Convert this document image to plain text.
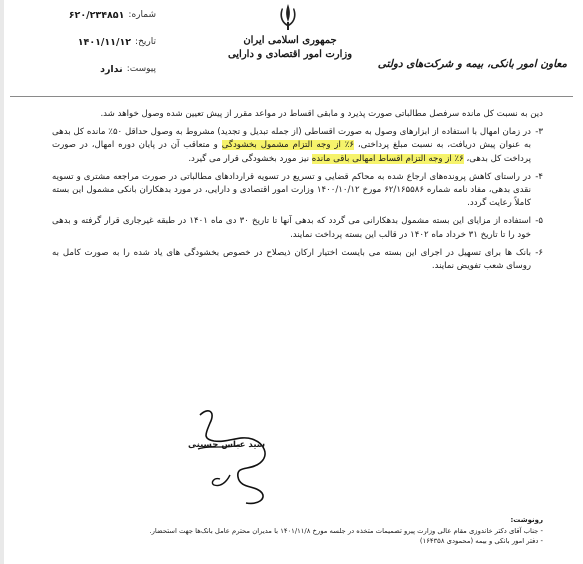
شماره:
۶۲۰/۲۳۴۸۵۱
تاریخ:
۱۴۰۱/۱۱/۱۲
پیوست:
ندارد
جمهوری اسلامی ایران
وزارت امور اقتصادی و دارایی
معاون امور بانکی، بیمه و شرکت‌های دولتی
دین به نسبت کل مانده سرفصل مطالباتی صورت پذیرد و مابقی اقساط در مواعد مقرر از پیش تعیین شده وصول خواهد شد.
۳-
در زمان امهال با استفاده از ابزارهای وصول به صورت اقساطی (از جمله تبدیل و تجدید) مشروط به وصول حداقل ۵۰٪ مانده کل بدهی به عنوان پیش دریافت، به نسبت مبلغ پرداختی، ۶٪ از وجه التزام مشمول بخشودگی و متعاقب آن در پایان دوره امهال، در صورت پرداخت کل بدهی، ۶٪ از وجه التزام اقساط امهالی باقی مانده نیز مورد بخشودگی قرار می گیرد.
۴-
در راستای کاهش پرونده‌های ارجاع شده به محاکم قضایی و تسریع در تسویه قراردادهای مطالباتی در صورت مراجعه مشتری و تسویه نقدی بدهی، مفاد نامه شماره ۶۲/۱۶۵۵۸۶ مورخ ۱۴۰۰/۱۰/۱۲ وزارت امور اقتصادی و دارایی، در مورد بدهکاران بانکی مشمول این بسته کاملاً رعایت گردد.
۵-
استفاده از مزایای این بسته مشمول بدهکارانی می گردد که بدهی آنها تا تاریخ ۳۰ دی ماه ۱۴۰۱ در طبقه غیرجاری قرار گرفته و بدهی خود را تا تاریخ ۳۱ خرداد ماه ۱۴۰۲ در قالب این بسته پرداخت نمایند.
۶-
بانک ها برای تسهیل در اجرای این بسته می بایست اختیار ارکان ذیصلاح در خصوص بخشودگی های یاد شده را به صورت کامل به روسای شعب تفویض نمایند.
سید عباس حسینی
رونوشت:
- جناب آقای دکتر خاندوزی مقام عالی وزارت پیرو تصمیمات متخذه در جلسه مورخ ۱۴۰۱/۱۱/۸ با مدیران محترم عامل بانک‌ها جهت استحضار.
- دفتر امور بانکی و بیمه (محمودی ۱۶۴۳۵۸)
